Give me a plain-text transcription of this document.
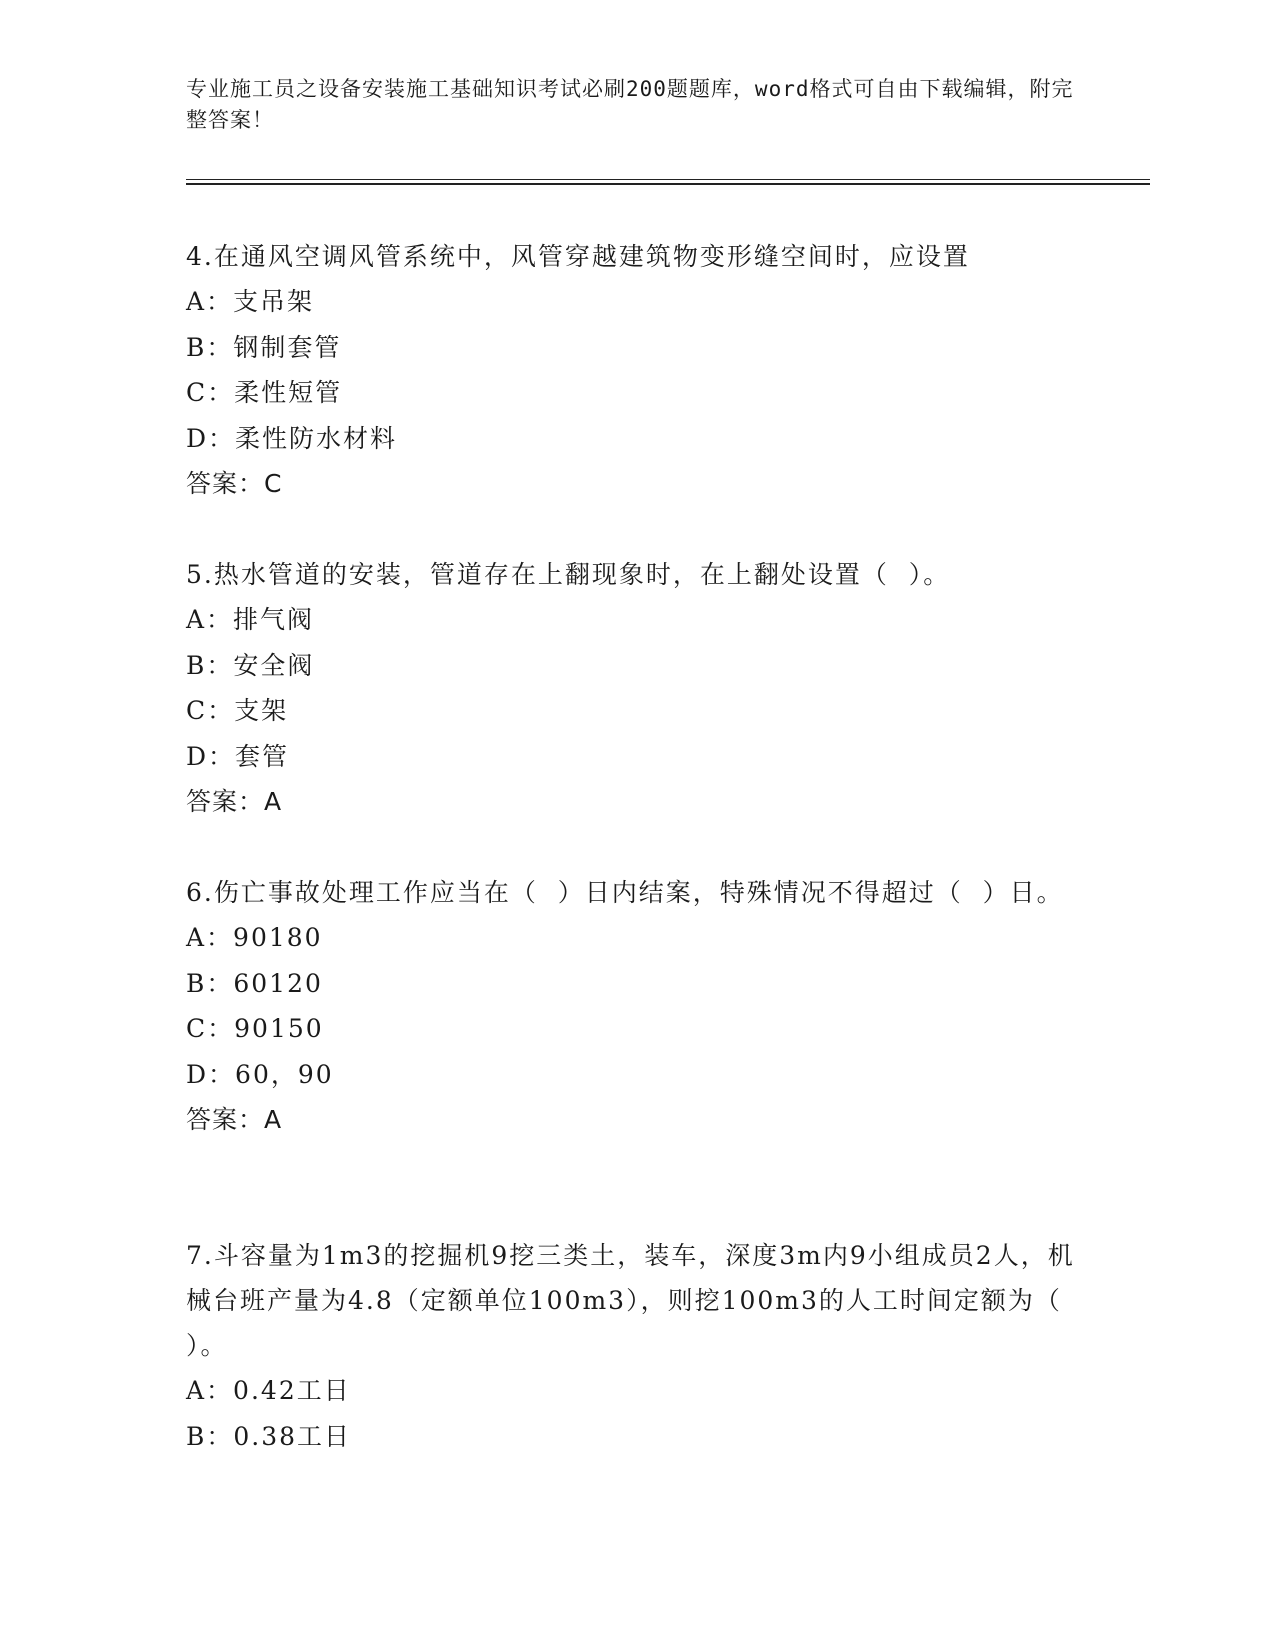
专业施工员之设备安装施工基础知识考试必刷200题题库，word格式可自由下载编辑，附完整答案！

4.在通风空调风管系统中，风管穿越建筑物变形缝空间时，应设置

A：支吊架
B：钢制套管
C：柔性短管
D：柔性防水材料
答案：C

5.热水管道的安装，管道存在上翻现象时，在上翻处设置（  ）。

A：排气阀
B：安全阀
C：支架
D：套管
答案：A

6.伤亡事故处理工作应当在（  ）日内结案，特殊情况不得超过（  ）日。

A：90180
B：60120
C：90150
D：60，90
答案：A

7.斗容量为1m3的挖掘机9挖三类土，装车，深度3m内9小组成员2人，机械台班产量为4.8（定额单位100m3），则挖100m3的人工时间定额为（  ）。

A：0.42工日
B：0.38工日
